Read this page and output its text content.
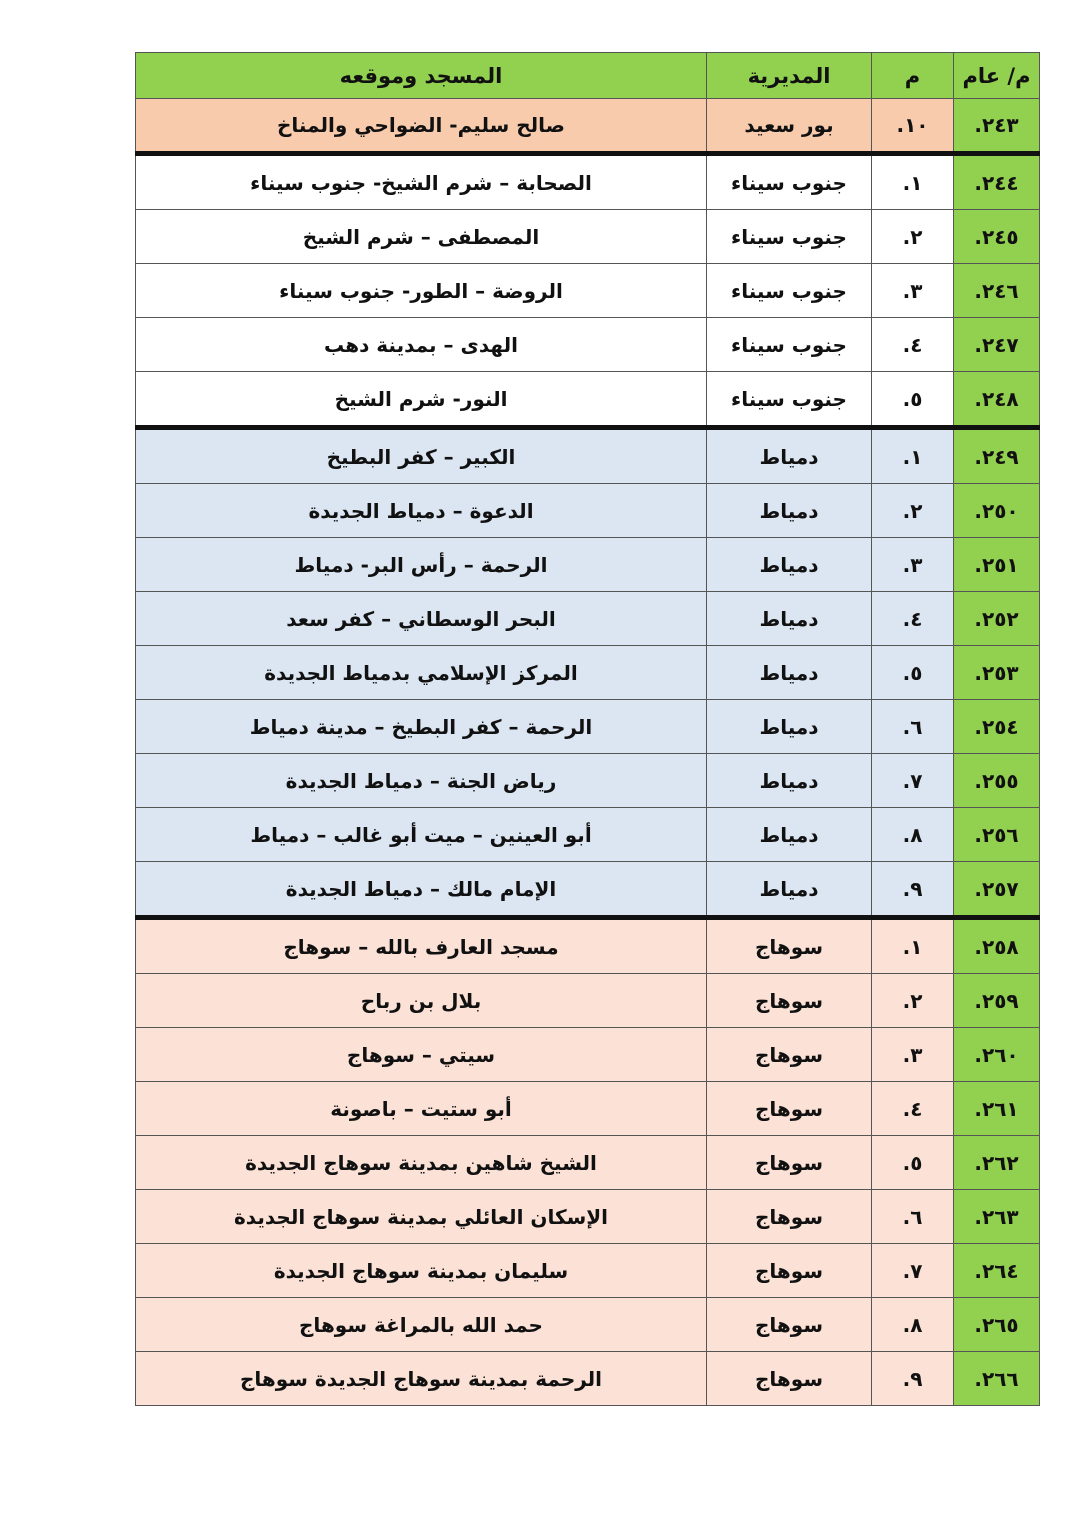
م/ عام	م	المديرية	المسجد وموقعه
٢٤٣.	١٠.	بور سعيد	صالح سليم- الضواحي والمناخ
٢٤٤.	١.	جنوب سيناء	الصحابة – شرم الشيخ- جنوب سيناء
٢٤٥.	٢.	جنوب سيناء	المصطفى – شرم الشيخ
٢٤٦.	٣.	جنوب سيناء	الروضة – الطور- جنوب سيناء
٢٤٧.	٤.	جنوب سيناء	الهدى – بمدينة دهب
٢٤٨.	٥.	جنوب سيناء	النور- شرم الشيخ
٢٤٩.	١.	دمياط	الكبير – كفر البطيخ
٢٥٠.	٢.	دمياط	الدعوة – دمياط الجديدة
٢٥١.	٣.	دمياط	الرحمة – رأس البر- دمياط
٢٥٢.	٤.	دمياط	البحر الوسطاني – كفر سعد
٢٥٣.	٥.	دمياط	المركز الإسلامي بدمياط الجديدة
٢٥٤.	٦.	دمياط	الرحمة – كفر البطيخ – مدينة دمياط
٢٥٥.	٧.	دمياط	رياض الجنة – دمياط الجديدة
٢٥٦.	٨.	دمياط	أبو العينين – ميت أبو غالب – دمياط
٢٥٧.	٩.	دمياط	الإمام مالك – دمياط الجديدة
٢٥٨.	١.	سوهاج	مسجد العارف بالله – سوهاج
٢٥٩.	٢.	سوهاج	بلال بن رباح
٢٦٠.	٣.	سوهاج	سيتي – سوهاج
٢٦١.	٤.	سوهاج	أبو ستيت – باصونة
٢٦٢.	٥.	سوهاج	الشيخ شاهين بمدينة سوهاج الجديدة
٢٦٣.	٦.	سوهاج	الإسكان العائلي بمدينة سوهاج الجديدة
٢٦٤.	٧.	سوهاج	سليمان بمدينة سوهاج الجديدة
٢٦٥.	٨.	سوهاج	حمد الله بالمراغة سوهاج
٢٦٦.	٩.	سوهاج	الرحمة بمدينة سوهاج الجديدة سوهاج
